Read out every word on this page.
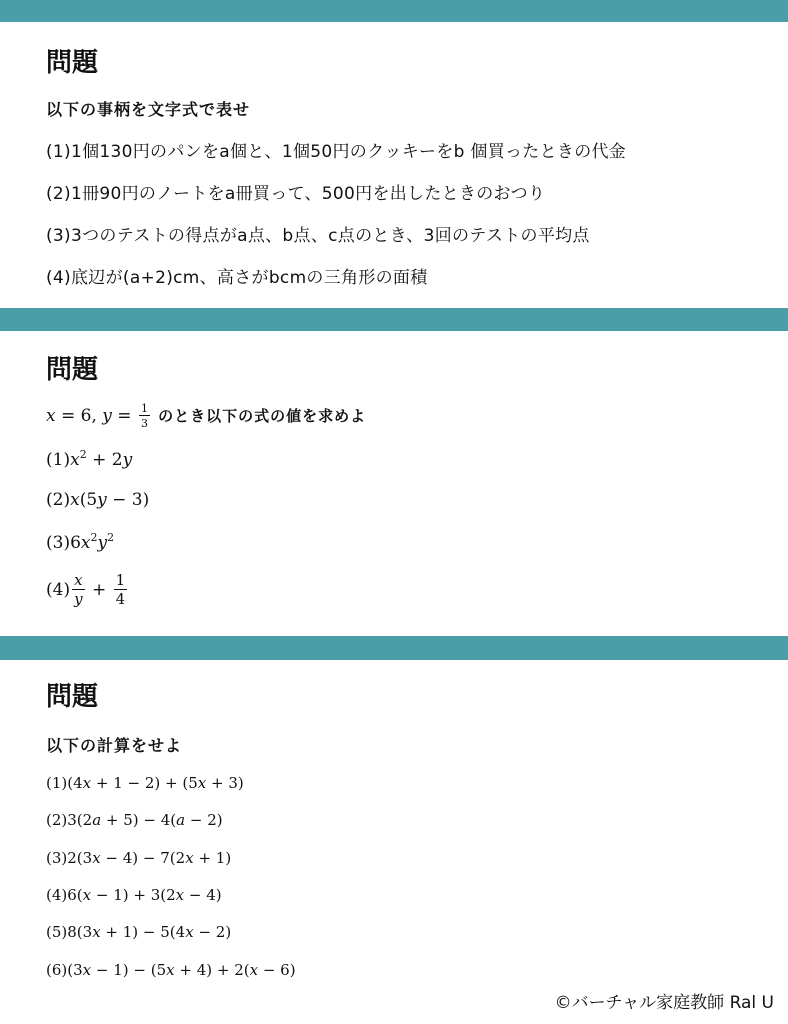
問題
以下の事柄を文字式で表せ
(1)1個130円のパンをa個と、1個50円のクッキーをb 個買ったときの代金
(2)1冊90円のノートをa冊買って、500円を出したときのおつり
(3)3つのテストの得点がa点、b点、c点のとき、3回のテストの平均点
(4)底辺が(a+2)cm、高さがbcmの三角形の面積
問題
x = 6, $y = \frac{1}{3}$ のとき以下の式の値を求めよ
$(1)x^2 + 2y$
(2)x(5y − 3)
$(3)6x^2y^2$
$(4) \frac{x}{y} + \frac{1}{4}$
問題
以下の計算をせよ
(1)(4x + 1 − 2) + (5x + 3)
(2)3(2a + 5) − 4(a − 2)
(3)2(3x − 4) − 7(2x + 1)
(4)6(x − 1) + 3(2x − 4)
(5)8(3x + 1) − 5(4x − 2)
(6)(3x − 1) − (5x + 4) + 2(x − 6)
©バーチャル家庭教師 Ral U
